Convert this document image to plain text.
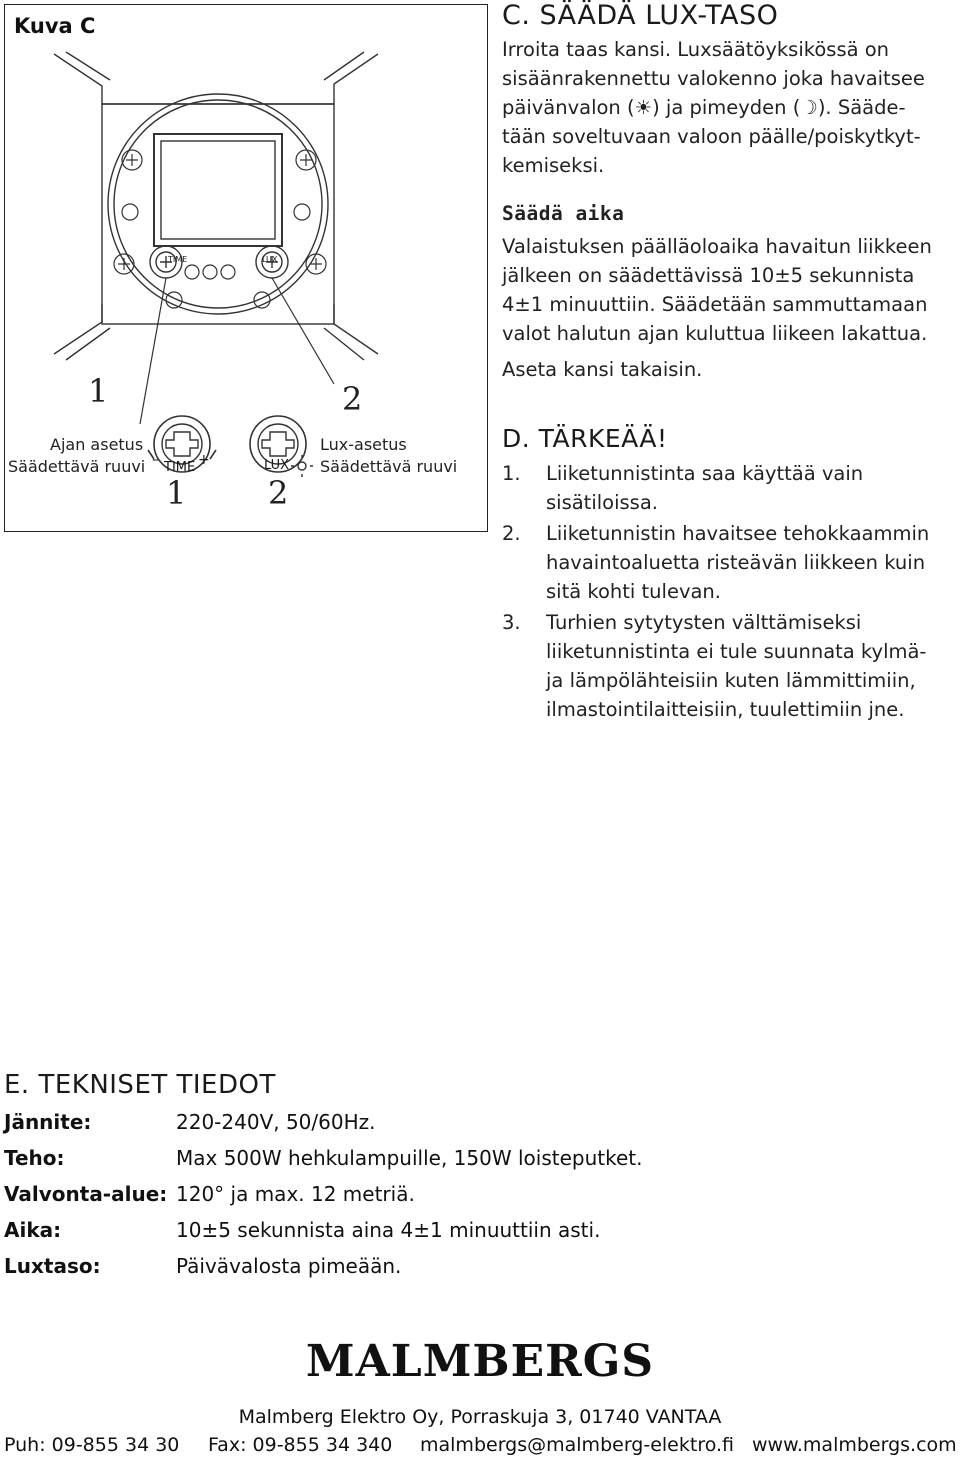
Kuva C
TIME	LUX
1	2
Ajan asetus
Säädettävä ruuvi
Lux-asetus
Säädettävä ruuvi
–	+
TIME	LUX
1	2
C. SÄÄDÄ LUX-TASO
Irroita taas kansi. Luxsäätöyksikössä on
sisäänrakennettu valokenno joka havaitsee
päivänvalon (☀) ja pimeyden (☽). Sääde-
tään soveltuvaan valoon päälle/poiskytkyt-
kemiseksi.
Säädä aika
Valaistuksen päälläoloaika havaitun liikkeen
jälkeen on säädettävissä 10±5 sekunnista
4±1 minuuttiin. Säädetään sammuttamaan
valot halutun ajan kuluttua liikeen lakattua.
Aseta kansi takaisin.
D. TÄRKEÄÄ!
1. Liiketunnistinta saa käyttää vain
sisätiloissa.
2. Liiketunnistin havaitsee tehokkaammin
havaintoaluetta risteävän liikkeen kuin
sitä kohti tulevan.
3. Turhien sytytysten välttämiseksi
liiketunnistinta ei tule suunnata kylmä-
ja lämpölähteisiin kuten lämmittimiin,
ilmastointilaitteisiin, tuulettimiin jne.
E. TEKNISET TIEDOT
Jännite:	220-240V, 50/60Hz.
Teho:	Max 500W hehkulampuille, 150W loisteputket.
Valvonta-alue: 120° ja max. 12 metriä.
Aika:	10±5 sekunnista aina 4±1 minuuttiin asti.
Luxtaso:	Päivävalosta pimeään.
MALMBERGS
Malmberg Elektro Oy, Porraskuja 3, 01740 VANTAA
Puh: 09-855 34 30 Fax: 09-855 34 340 malmbergs@malmberg-elektro.fi www.malmbergs.com
